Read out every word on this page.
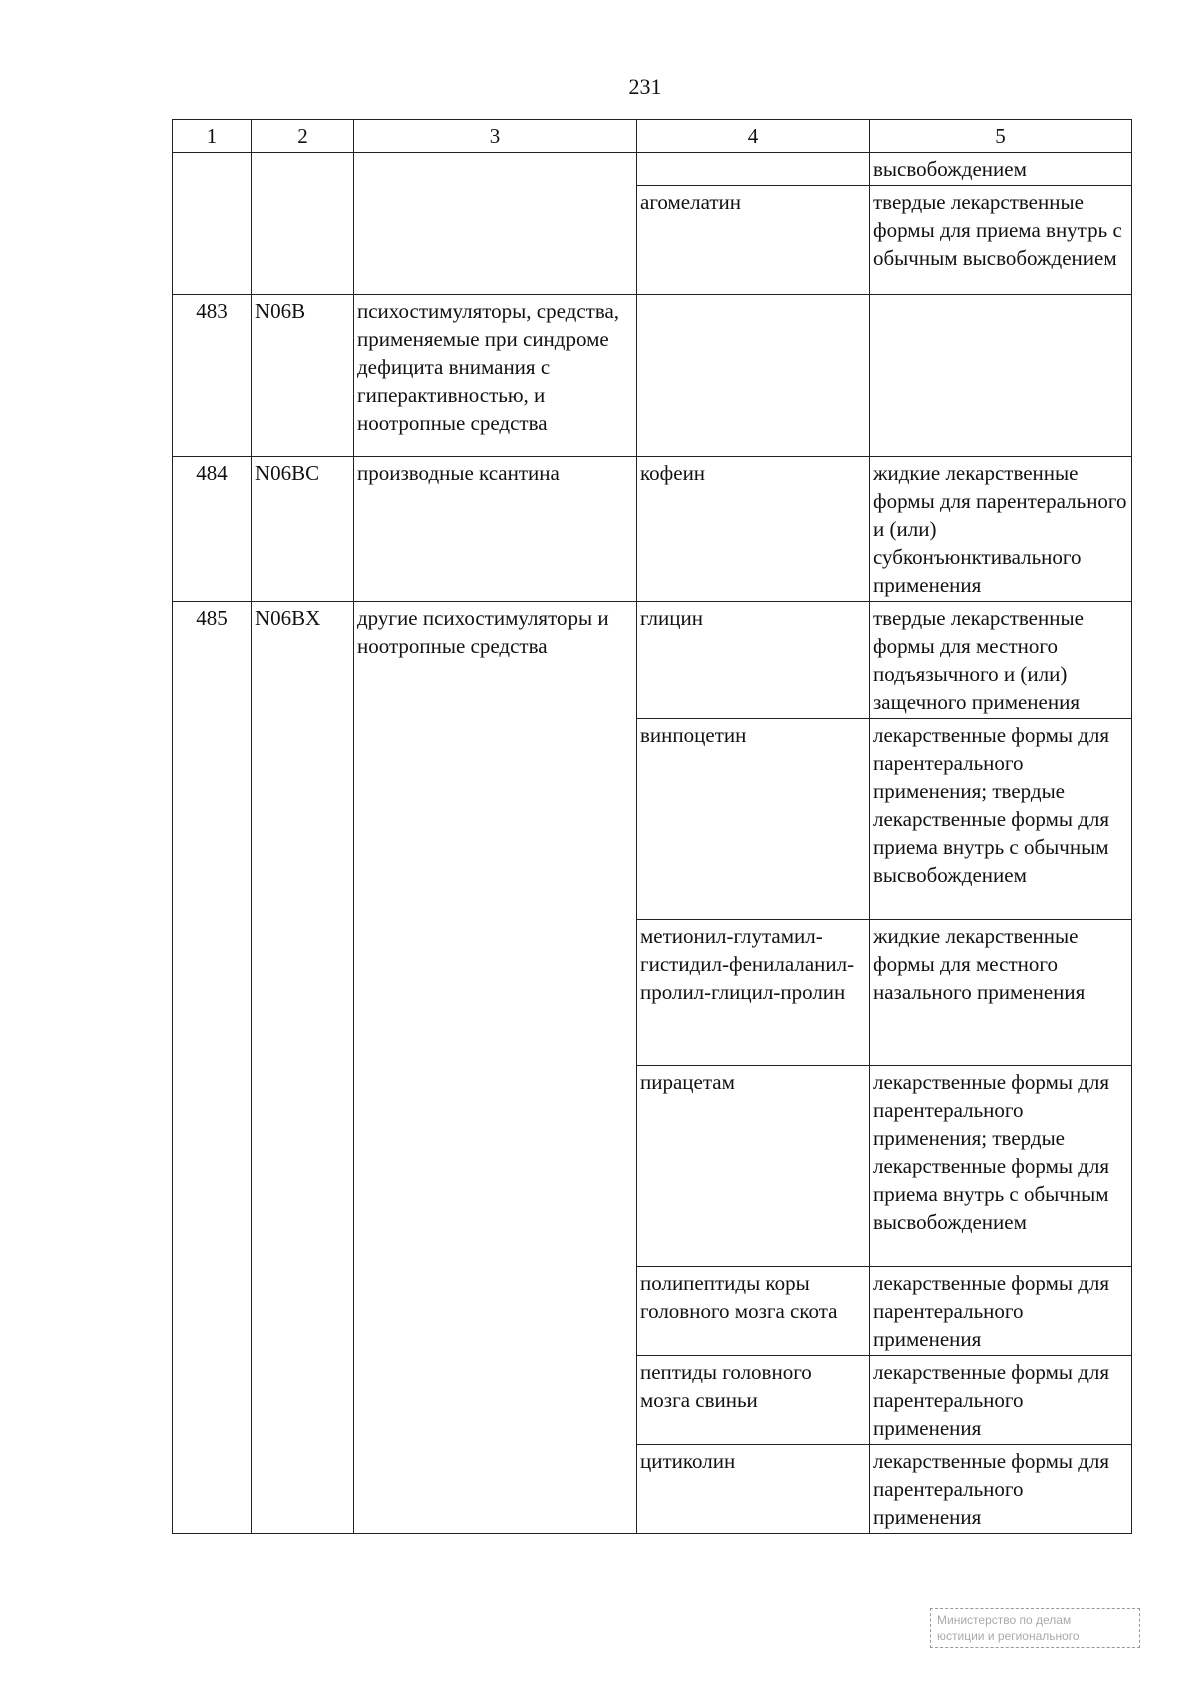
231
1	2	3	4	5
				высвобождением
			агомелатин	твердые лекарственные формы для приема внутрь с обычным высвобождением
483	N06B	психостимуляторы, средства, применяемые при синдроме дефицита внимания с гиперактивностью, и ноотропные средства		
484	N06BC	производные ксантина	кофеин	жидкие лекарственные формы для парентерального и (или) субконъюнктивального применения
485	N06BX	другие психостимуляторы и ноотропные средства	глицин	твердые лекарственные формы для местного подъязычного и (или) защечного применения
			винпоцетин	лекарственные формы для парентерального применения; твердые лекарственные формы для приема внутрь с обычным высвобождением
			метионил-глутамил-гистидил-фенилаланил-пролил-глицил-пролин	жидкие лекарственные формы для местного назального применения
			пирацетам	лекарственные формы для парентерального применения; твердые лекарственные формы для приема внутрь с обычным высвобождением
			полипептиды коры головного мозга скота	лекарственные формы для парентерального применения
			пептиды головного мозга свиньи	лекарственные формы для парентерального применения
			цитиколин	лекарственные формы для парентерального применения
Министерство по делам
юстиции и регионального
